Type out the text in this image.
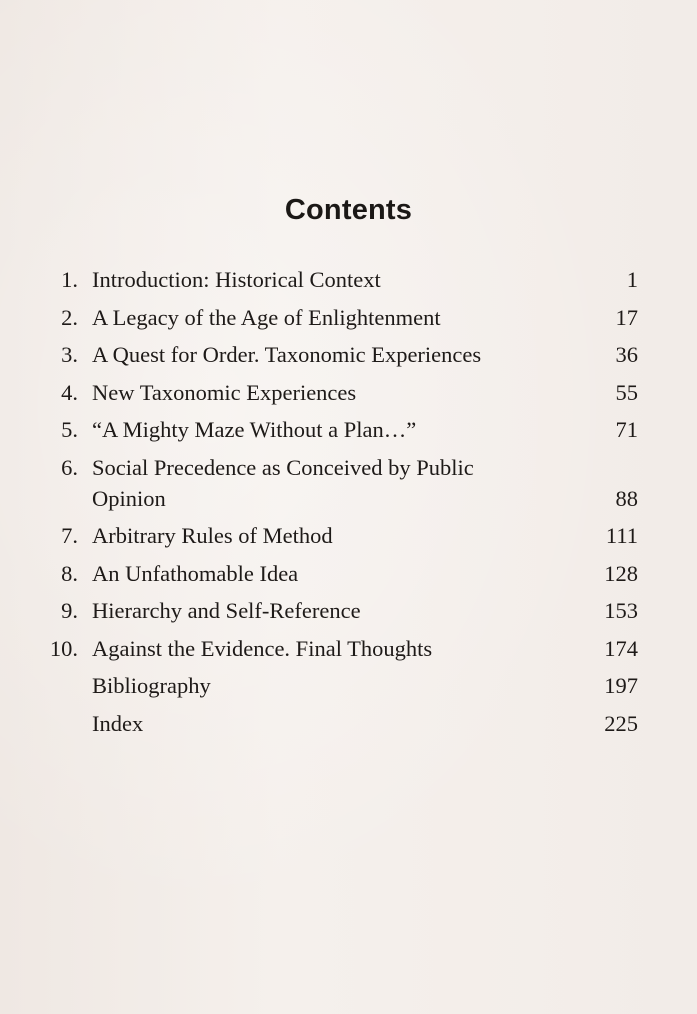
Contents
1. Introduction: Historical Context	1
2. A Legacy of the Age of Enlightenment	17
3. A Quest for Order. Taxonomic Experiences	36
4. New Taxonomic Experiences	55
5. “A Mighty Maze Without a Plan…”	71
6. Social Precedence as Conceived by Public Opinion	88
7. Arbitrary Rules of Method	111
8. An Unfathomable Idea	128
9. Hierarchy and Self-Reference	153
10. Against the Evidence. Final Thoughts	174
Bibliography	197
Index	225
